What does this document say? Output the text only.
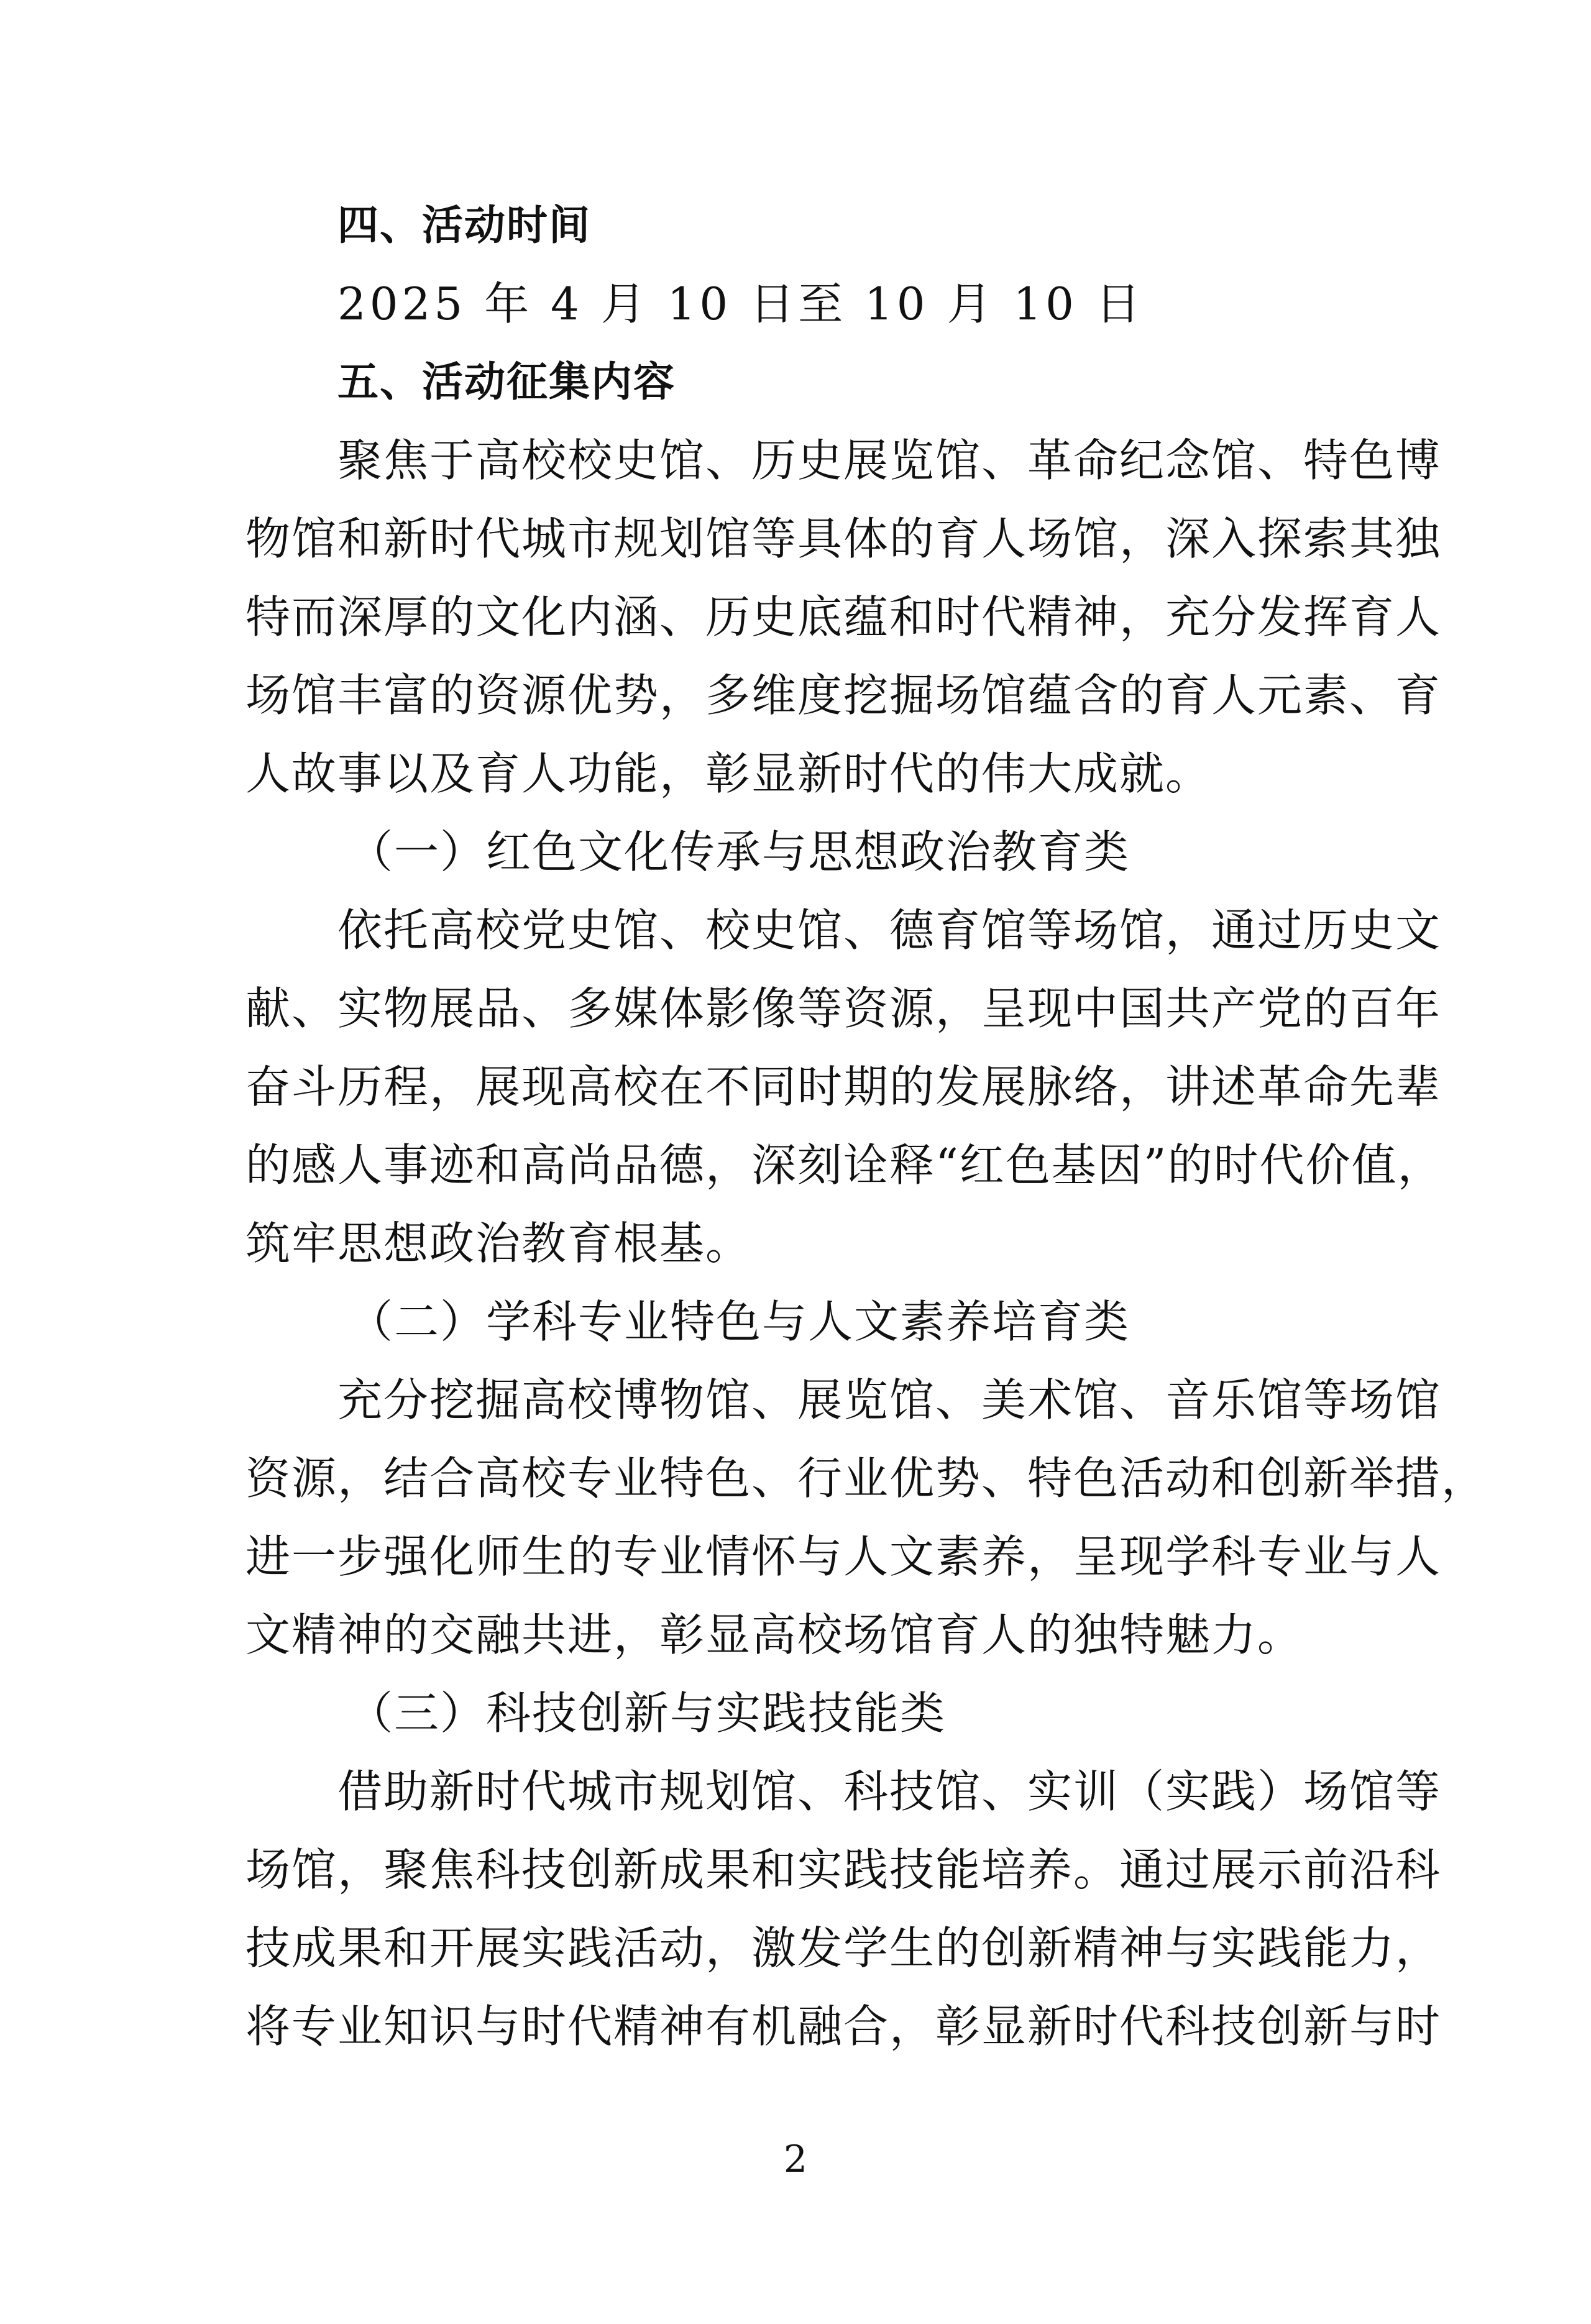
四、活动时间
2025 年 4 月 10 日至 10 月 10 日
五、活动征集内容
聚焦于高校校史馆、历史展览馆、革命纪念馆、特色博
物馆和新时代城市规划馆等具体的育人场馆，深入探索其独
特而深厚的文化内涵、历史底蕴和时代精神，充分发挥育人
场馆丰富的资源优势，多维度挖掘场馆蕴含的育人元素、育
人故事以及育人功能，彰显新时代的伟大成就。
（一）红色文化传承与思想政治教育类
依托高校党史馆、校史馆、德育馆等场馆，通过历史文
献、实物展品、多媒体影像等资源，呈现中国共产党的百年
奋斗历程，展现高校在不同时期的发展脉络，讲述革命先辈
的感人事迹和高尚品德，深刻诠释“红色基因”的时代价值，
筑牢思想政治教育根基。
（二）学科专业特色与人文素养培育类
充分挖掘高校博物馆、展览馆、美术馆、音乐馆等场馆
资源，结合高校专业特色、行业优势、特色活动和创新举措，
进一步强化师生的专业情怀与人文素养，呈现学科专业与人
文精神的交融共进，彰显高校场馆育人的独特魅力。
（三）科技创新与实践技能类
借助新时代城市规划馆、科技馆、实训（实践）场馆等
场馆，聚焦科技创新成果和实践技能培养。通过展示前沿科
技成果和开展实践活动，激发学生的创新精神与实践能力，
将专业知识与时代精神有机融合，彰显新时代科技创新与时
2
